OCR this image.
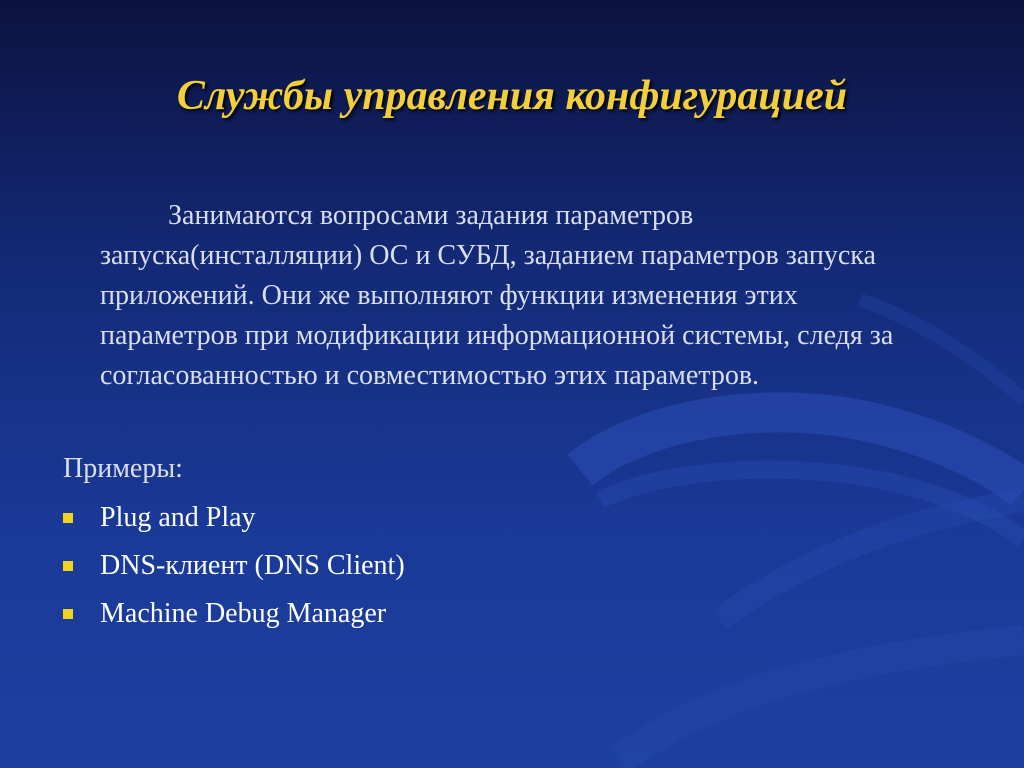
Службы управления конфигурацией

Занимаются вопросами задания параметров запуска(инсталляции) ОС и СУБД, заданием параметров запуска приложений. Они же выполняют функции изменения этих параметров при модификации информационной системы, следя за согласованностью и совместимостью этих параметров.

Примеры:
Plug and Play
DNS-клиент (DNS Client)
Machine Debug Manager
